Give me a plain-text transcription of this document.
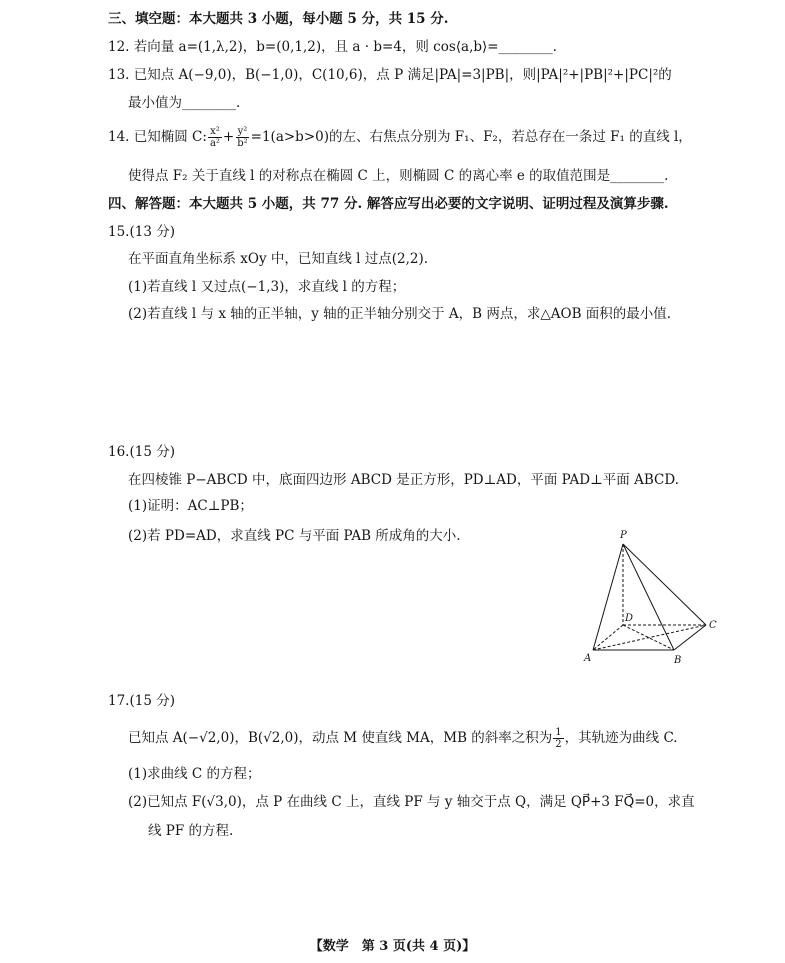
三、填空题：本大题共 3 小题，每小题 5 分，共 15 分.
12. 若向量 a=(1,λ,2)，b=(0,1,2)，且 a · b=4，则 cos⟨a,b⟩=________.
13. 已知点 A(−9,0)，B(−1,0)，C(10,6)，点 P 满足|PA|=3|PB|，则|PA|²+|PB|²+|PC|²的
最小值为________.
14. 已知椭圆 C: $\frac{\text{x²}}{\text{a²}} + \frac{\text{y²}}{\text{b²}} =1(a>b>0)$的左、右焦点分别为 F₁、F₂，若总存在一条过 F₁ 的直线 l，
使得点 F₂ 关于直线 l 的对称点在椭圆 C 上，则椭圆 C 的离心率 e 的取值范围是________.
四、解答题：本大题共 5 小题，共 77 分. 解答应写出必要的文字说明、证明过程及演算步骤.
15.(13 分)
在平面直角坐标系 xOy 中，已知直线 l 过点(2,2).
(1)若直线 l 又过点(−1,3)，求直线 l 的方程；
(2)若直线 l 与 x 轴的正半轴，y 轴的正半轴分别交于 A，B 两点，求△AOB 面积的最小值.
16.(15 分)
在四棱锥 P−ABCD 中，底面四边形 ABCD 是正方形，PD⊥AD，平面 PAD⊥平面 ABCD.
(1)证明：AC⊥PB；
(2)若 PD=AD，求直线 PC 与平面 PAB 所成角的大小.	P
D
C
A	B
17.(15 分)
已知点 A(−√2,0)，B(√2,0)，动点 M 使直线 MA，MB 的斜率之积为 $\frac{1}{2}$ ，其轨迹为曲线 C.
(1)求曲线 C 的方程；
(2)已知点 F(√3,0)，点 P 在曲线 C 上，直线 PF 与 y 轴交于点 Q，满足 QP⃗+3 FQ⃗=0，求直
线 PF 的方程.
【数学　第 3 页(共 4 页)】
